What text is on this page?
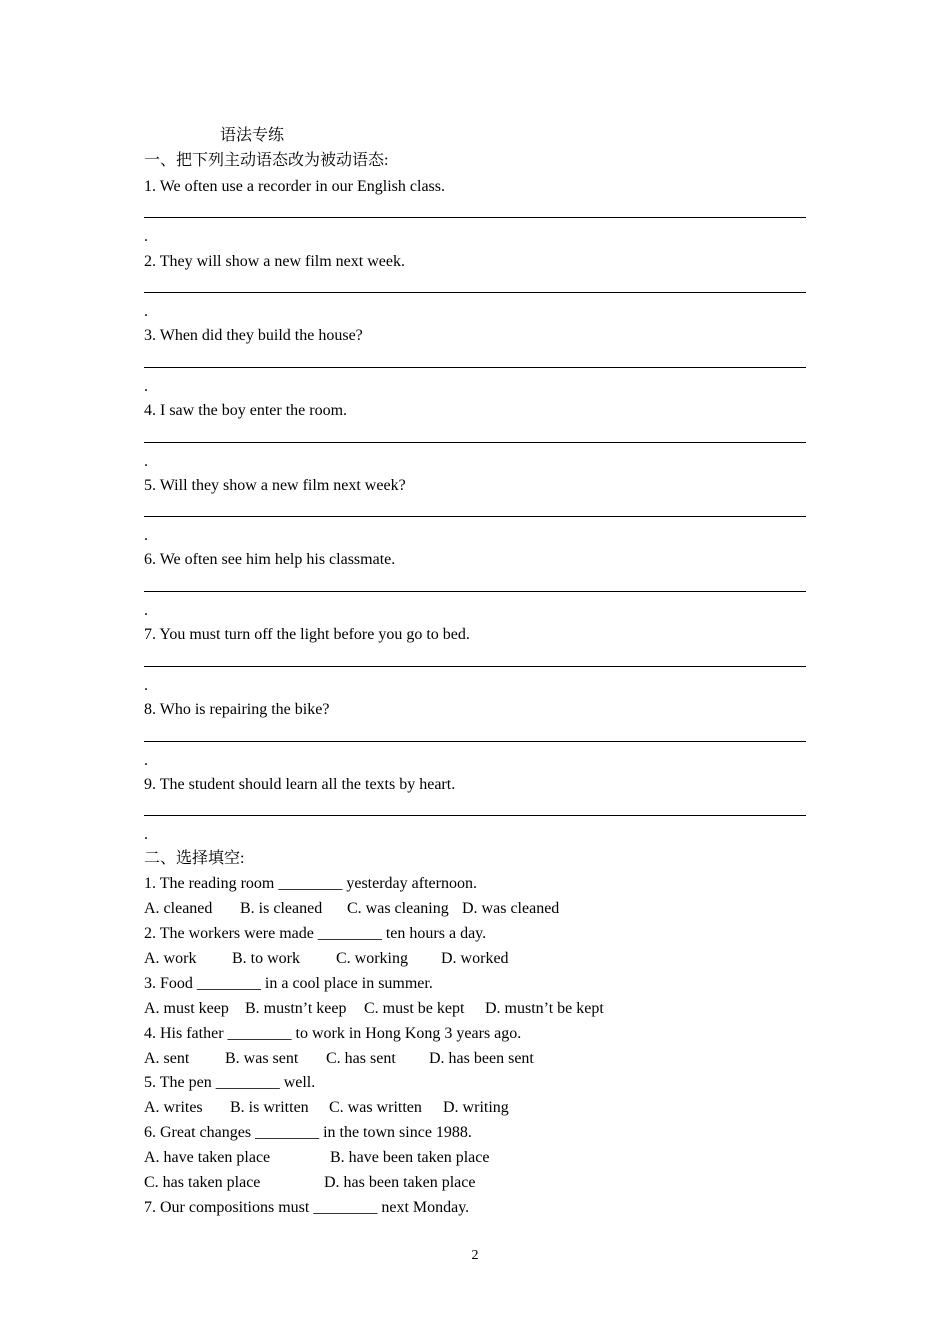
语法专练
一、把下列主动语态改为被动语态:
1. We often use a recorder in our English class.
.
2. They will show a new film next week.
.
3. When did they build the house?
.
4. I saw the boy enter the room.
.
5. Will they show a new film next week?
.
6. We often see him help his classmate.
.
7. You must turn off the light before you go to bed.
.
8. Who is repairing the bike?
.
9. The student should learn all the texts by heart.
.
二、选择填空:
1. The reading room ________ yesterday afternoon.
A. cleaned B. is cleaned C. was cleaning D. was cleaned
2. The workers were made ________ ten hours a day.
A. work B. to work C. working D. worked
3. Food ________ in a cool place in summer.
A. must keep B. mustn’t keep C. must be kept D. mustn’t be kept
4. His father ________ to work in Hong Kong 3 years ago.
A. sent B. was sent C. has sent D. has been sent
5. The pen ________ well.
A. writes B. is written C. was written D. writing
6. Great changes ________ in the town since 1988.
A. have taken place	B. have been taken place
C. has taken place	D. has been taken place
7. Our compositions must ________ next Monday.
2
